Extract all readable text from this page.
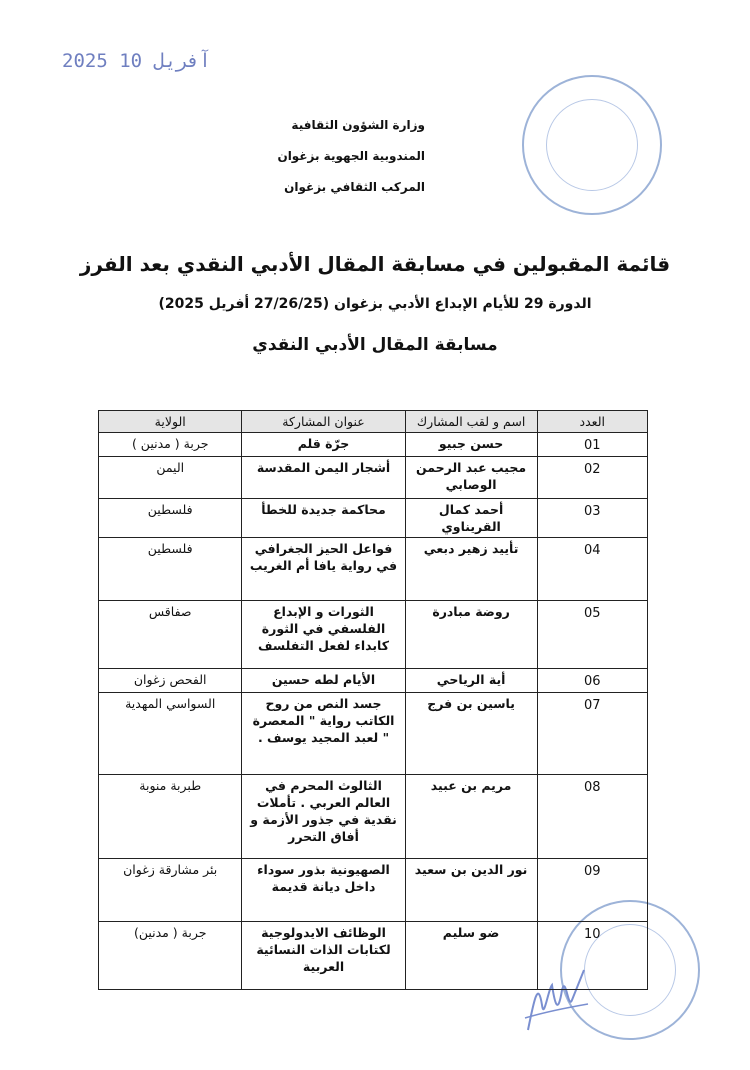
2025 آفريل 10
وزارة الشؤون الثقافية
المندوبية الجهوية بزغوان
المركب الثقافي بزغوان
قائمة المقبولين في مسابقة المقال الأدبي النقدي بعد الفرز
الدورة 29 للأيام الإبداع الأدبي بزغوان (27/26/25 أفريل 2025)
مسابقة المقال الأدبي النقدي
العدد	اسم و لقب المشارك	عنوان المشاركة	الولاية
01	حسن جبيو	جرّة قلم	جربة ( مدنين )
02	مجيب عبد الرحمن الوصابي	أشجار اليمن المقدسة	اليمن
03	أحمد كمال القريناوي	محاكمة جديدة للخطأ	فلسطين
04	تأييد زهير دبعي	فواعل الحيز الجغرافي في رواية يافا أم الغريب	فلسطين
05	روضة مبادرة	الثورات و الإبداع الفلسفي في الثورة كابداء لفعل التفلسف	صفاقس
06	أية الرياحي	الأيام لطه حسين	الفحص زغوان
07	ياسين بن فرج	جسد النص من روح الكاتب رواية " المعصرة " لعبد المجيد يوسف .	السواسي المهدية
08	مريم بن عبيد	الثالوث المحرم في العالم العربي . تأملات نقدية في جذور الأزمة و أفاق التحرر	طبربة منوبة
09	نور الدين بن سعيد	الصهيونية بذور سوداء داخل ديانة قديمة	بئر مشارقة زغوان
10	ضو سليم	الوظائف الايدولوجية لكتابات الذات النسائية العربية	جربة ( مدنين)
